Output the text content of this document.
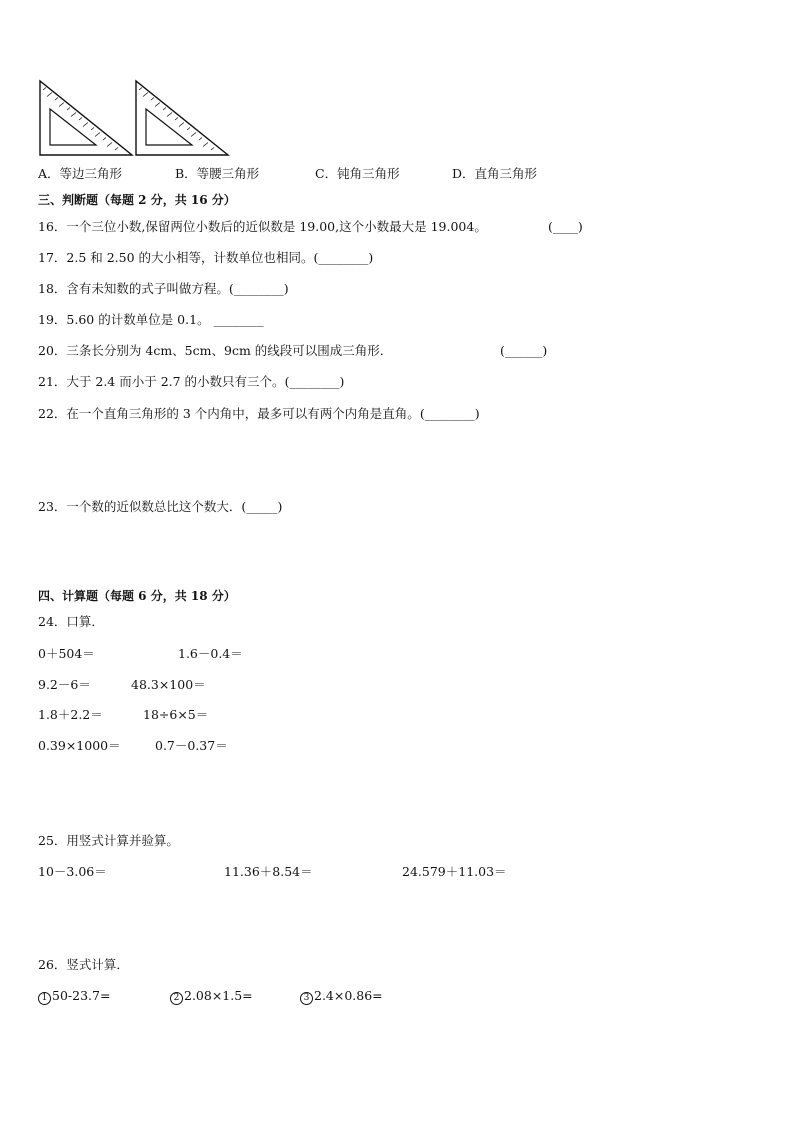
A．等边三角形	B．等腰三角形	C．钝角三角形	D．直角三角形
三、判断题（每题 2 分，共 16 分）
16．一个三位小数,保留两位小数后的近似数是 19.00,这个小数最大是 19.004。	(____)
17．2.5 和 2.50 的大小相等，计数单位也相同。(________)
18．含有未知数的式子叫做方程。(________)
19．5.60 的计数单位是 0.1。 ________
20．三条长分别为 4cm、5cm、9cm 的线段可以围成三角形．	(______)
21．大于 2.4 而小于 2.7 的小数只有三个。(________)
22．在一个直角三角形的 3 个内角中，最多可以有两个内角是直角。(________)
23．一个数的近似数总比这个数大．(_____)
四、计算题（每题 6 分，共 18 分）
24．口算．
0＋504＝	1.6－0.4＝
9.2－6＝	48.3×100＝
1.8＋2.2＝	18÷6×5＝
0.39×1000＝	0.7－0.37＝
25．用竖式计算并验算。
10－3.06＝	11.36＋8.54＝	24.579＋11.03＝
26．竖式计算．
1 50-23.7=	2 2.08×1.5=	3 2.4×0.86=
